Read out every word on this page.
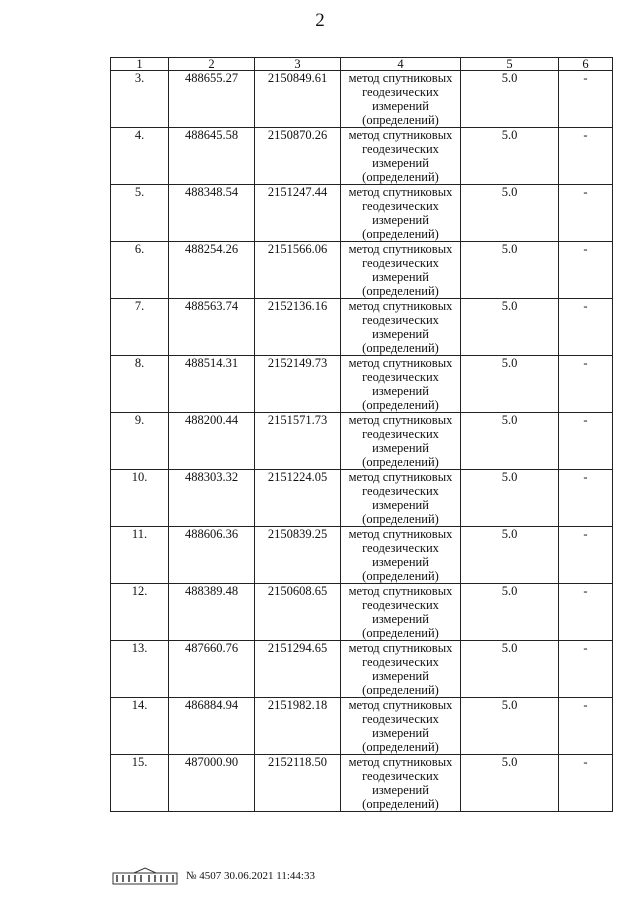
2
1	2	3	4	5	6
3.	488655.27	2150849.61	метод спутниковых
геодезических
измерений
(определений)	5.0	-
4.	488645.58	2150870.26	метод спутниковых
геодезических
измерений
(определений)	5.0	-
5.	488348.54	2151247.44	метод спутниковых
геодезических
измерений
(определений)	5.0	-
6.	488254.26	2151566.06	метод спутниковых
геодезических
измерений
(определений)	5.0	-
7.	488563.74	2152136.16	метод спутниковых
геодезических
измерений
(определений)	5.0	-
8.	488514.31	2152149.73	метод спутниковых
геодезических
измерений
(определений)	5.0	-
9.	488200.44	2151571.73	метод спутниковых
геодезических
измерений
(определений)	5.0	-
10.	488303.32	2151224.05	метод спутниковых
геодезических
измерений
(определений)	5.0	-
11.	488606.36	2150839.25	метод спутниковых
геодезических
измерений
(определений)	5.0	-
12.	488389.48	2150608.65	метод спутниковых
геодезических
измерений
(определений)	5.0	-
13.	487660.76	2151294.65	метод спутниковых
геодезических
измерений
(определений)	5.0	-
14.	486884.94	2151982.18	метод спутниковых
геодезических
измерений
(определений)	5.0	-
15.	487000.90	2152118.50	метод спутниковых
геодезических
измерений
(определений)	5.0	-
№ 4507 30.06.2021 11:44:33
